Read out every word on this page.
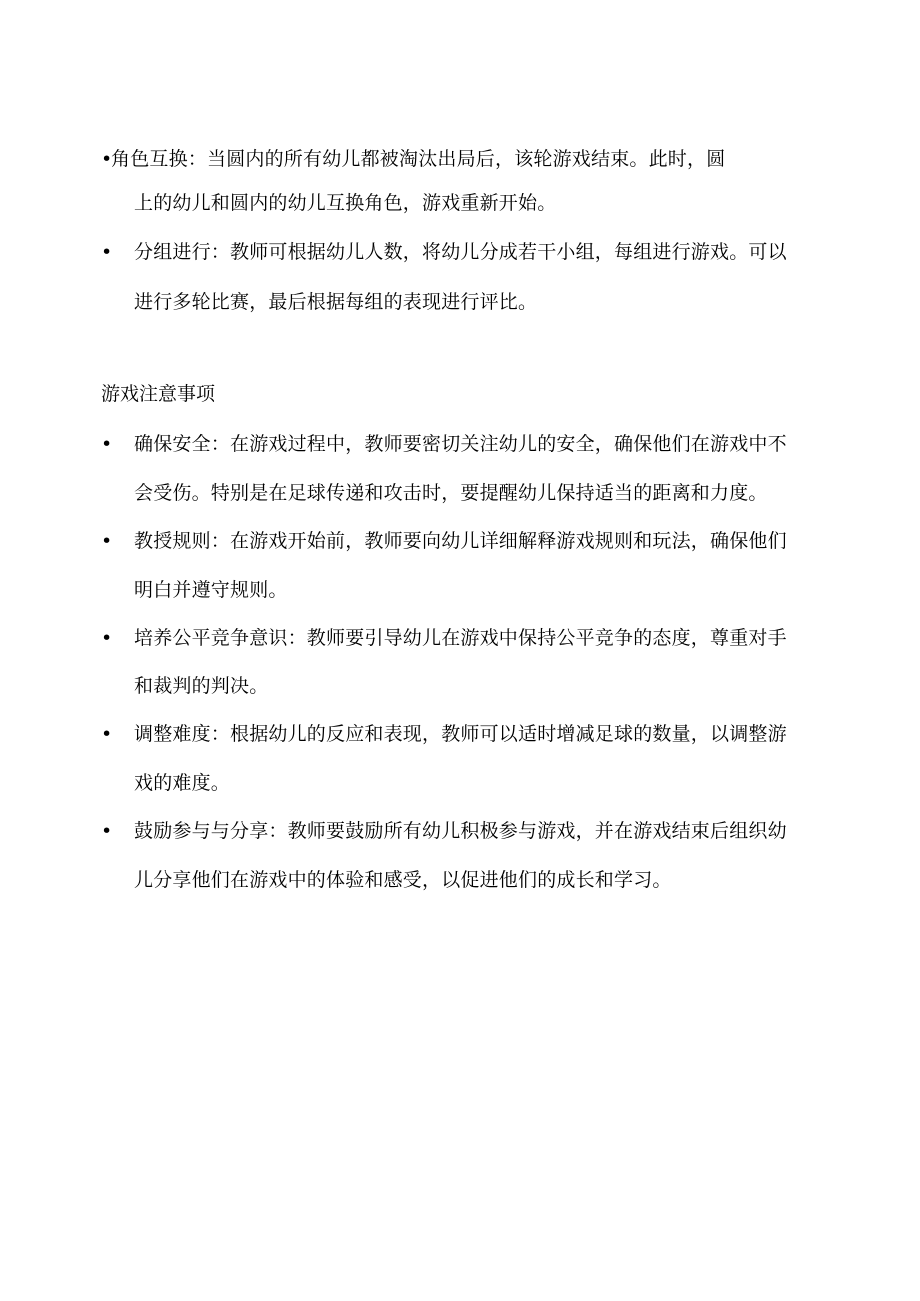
•
角色互换：当圆内的所有幼儿都被淘汰出局后，该轮游戏结束。此时，圆
上的幼儿和圆内的幼儿互换角色，游戏重新开始。
• 分组进行：教师可根据幼儿人数，将幼儿分成若干小组，每组进行游戏。可以
进行多轮比赛，最后根据每组的表现进行评比。
游戏注意事项
• 确保安全：在游戏过程中，教师要密切关注幼儿的安全，确保他们在游戏中不
会受伤。特别是在足球传递和攻击时，要提醒幼儿保持适当的距离和力度。
• 教授规则：在游戏开始前，教师要向幼儿详细解释游戏规则和玩法，确保他们
明白并遵守规则。
• 培养公平竞争意识：教师要引导幼儿在游戏中保持公平竞争的态度，尊重对手
和裁判的判决。
• 调整难度：根据幼儿的反应和表现，教师可以适时增减足球的数量，以调整游
戏的难度。
• 鼓励参与与分享：教师要鼓励所有幼儿积极参与游戏，并在游戏结束后组织幼
儿分享他们在游戏中的体验和感受，以促进他们的成长和学习。
